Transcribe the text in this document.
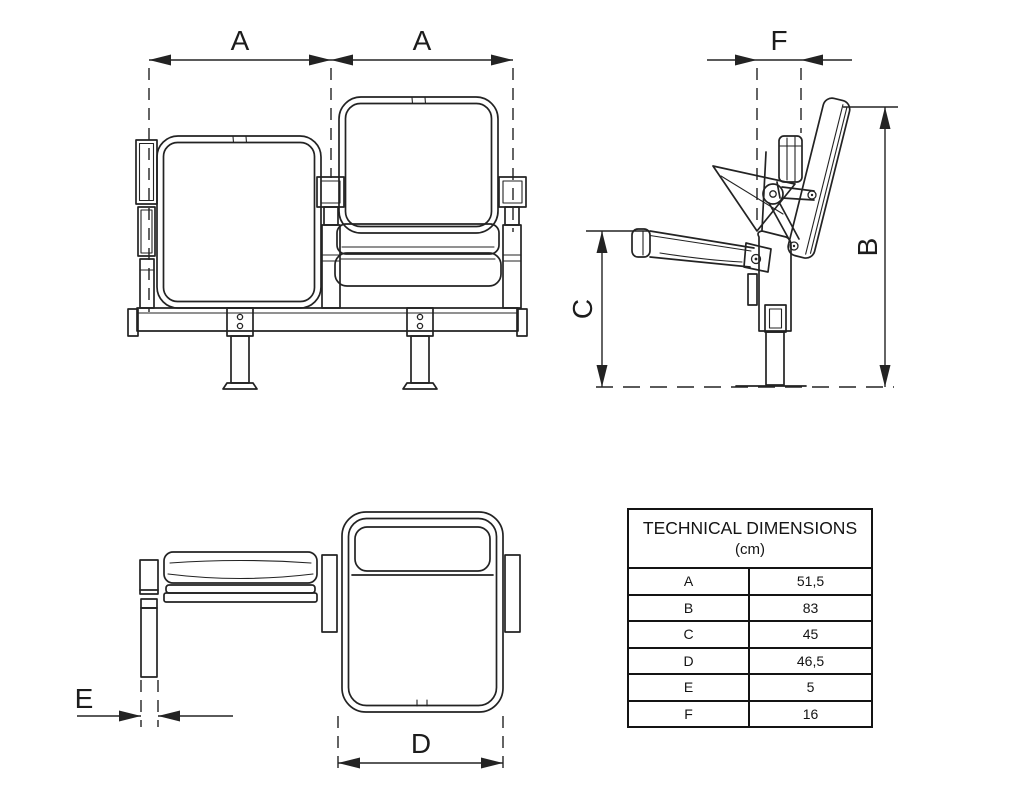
A	A	F
B
C
E
D
TECHNICAL DIMENSIONS
(cm)
A	51,5
B	83
C	45
D	46,5
E	5
F	16
